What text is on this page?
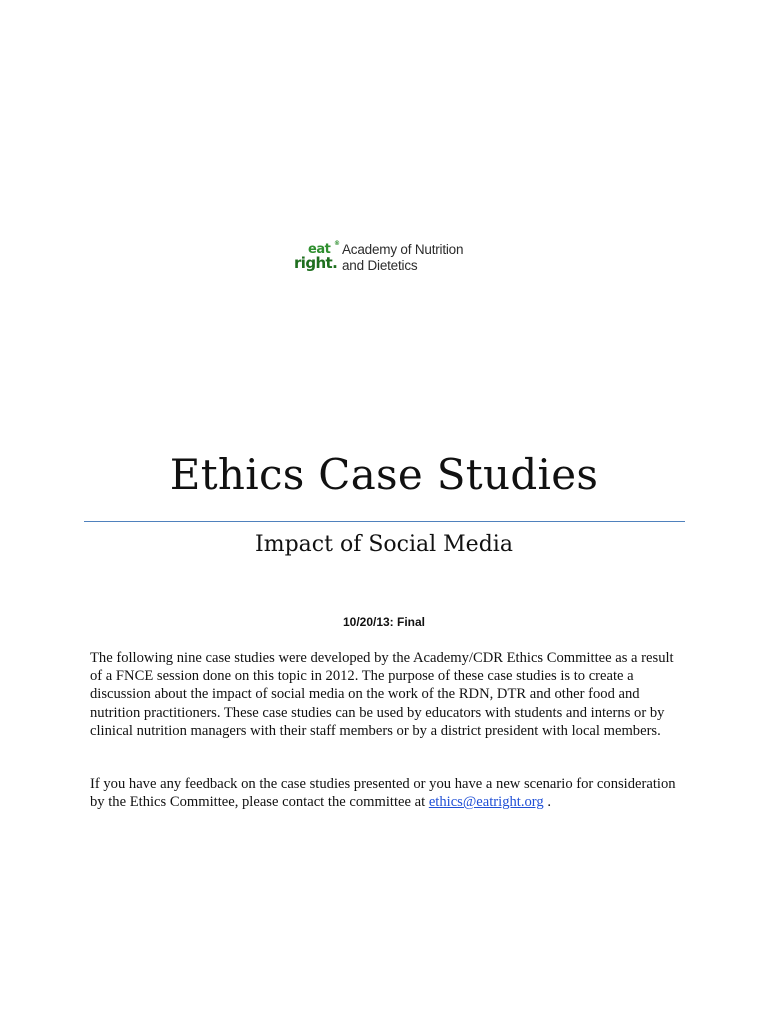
eat ®
right.
Academy of Nutrition
and Dietetics
Ethics Case Studies
Impact of Social Media
10/20/13: Final

The following nine case studies were developed by the Academy/CDR Ethics Committee as a result of a FNCE session done on this topic in 2012. The purpose of these case studies is to create a discussion about the impact of social media on the work of the RDN, DTR and other food and nutrition practitioners. These case studies can be used by educators with students and interns or by clinical nutrition managers with their staff members or by a district president with local members.

If you have any feedback on the case studies presented or you have a new scenario for consideration by the Ethics Committee, please contact the committee at ethics@eatright.org .
